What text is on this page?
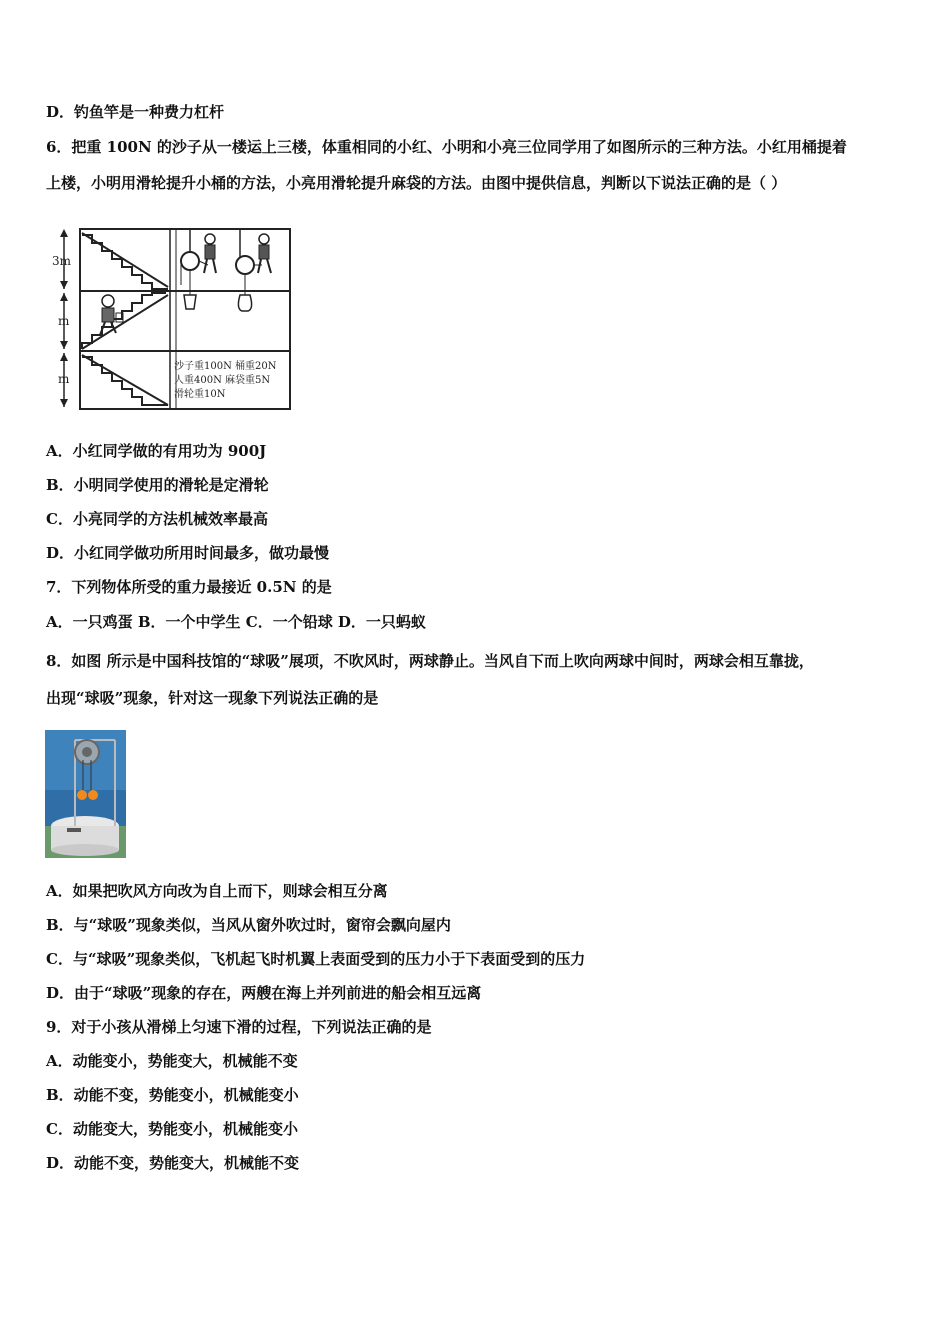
D．钓鱼竿是一种费力杠杆
6．把重 100N 的沙子从一楼运上三楼，体重相同的小红、小明和小亮三位同学用了如图所示的三种方法。小红用桶提着
上楼，小明用滑轮提升小桶的方法，小亮用滑轮提升麻袋的方法。由图中提供信息，判断以下说法正确的是（ ）
3m
m
m
沙子重100N 桶重20N
人重400N 麻袋重5N
滑轮重10N
A．小红同学做的有用功为 900J
B．小明同学使用的滑轮是定滑轮
C．小亮同学的方法机械效率最高
D．小红同学做功所用时间最多，做功最慢
7．下列物体所受的重力最接近 0.5N 的是
A．一只鸡蛋 B．一个中学生 C．一个铅球 D．一只蚂蚁
8．如图 所示是中国科技馆的“球吸”展项，不吹风时，两球静止。当风自下而上吹向两球中间时，两球会相互靠拢，
出现“球吸”现象，针对这一现象下列说法正确的是
A．如果把吹风方向改为自上而下，则球会相互分离
B．与“球吸”现象类似，当风从窗外吹过时，窗帘会飘向屋内
C．与“球吸”现象类似，飞机起飞时机翼上表面受到的压力小于下表面受到的压力
D．由于“球吸”现象的存在，两艘在海上并列前进的船会相互远离
9．对于小孩从滑梯上匀速下滑的过程，下列说法正确的是
A．动能变小，势能变大，机械能不变
B．动能不变，势能变小，机械能变小
C．动能变大，势能变小，机械能变小
D．动能不变，势能变大，机械能不变
